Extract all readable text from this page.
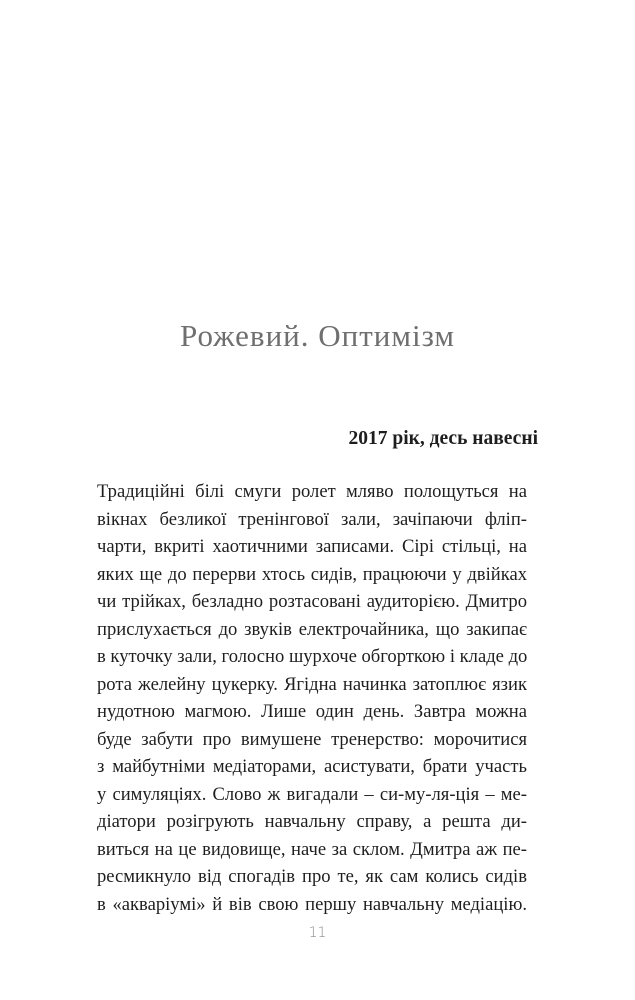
Рожевий. Оптимізм

2017 рік, десь навесні

Традиційні білі смуги ролет мляво полощуться на
вікнах безликої тренінгової зали, зачіпаючи фліп-
чарти, вкриті хаотичними записами. Сірі стільці, на
яких ще до перерви хтось сидів, працюючи у двійках
чи трійках, безладно розтасовані аудиторією. Дмитро
прислухається до звуків електрочайника, що закипає
в куточку зали, голосно шурхоче обгорткою і кладе до
рота желейну цукерку. Ягідна начинка затоплює язик
нудотною магмою. Лише один день. Завтра можна
буде забути про вимушене тренерство: морочитися
з майбутніми медіаторами, асистувати, брати участь
у симуляціях. Слово ж вигадали – си-му-ля-ція – ме-
діатори розігрують навчальну справу, а решта ди-
виться на це видовище, наче за склом. Дмитра аж пе-
ресмикнуло від спогадів про те, як сам колись сидів
в «акваріумі» й вів свою першу навчальну медіацію.
11
